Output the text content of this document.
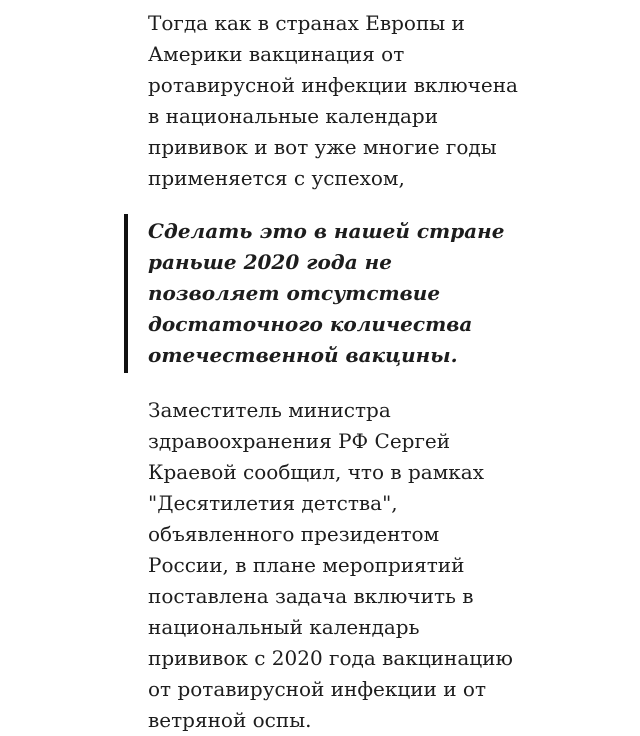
Тогда как в странах Европы и Америки вакцинация от ротавирусной инфекции включена в национальные календари прививок и вот уже многие годы применяется с успехом,

Сделать это в нашей стране раньше 2020 года не позволяет отсутствие достаточного количества отечественной вакцины.

Заместитель министра здравоохранения РФ Сергей Краевой сообщил, что в рамках "Десятилетия детства", объявленного президентом России, в плане мероприятий поставлена задача включить в национальный календарь прививок с 2020 года вакцинацию от ротавирусной инфекции и от ветряной оспы.
